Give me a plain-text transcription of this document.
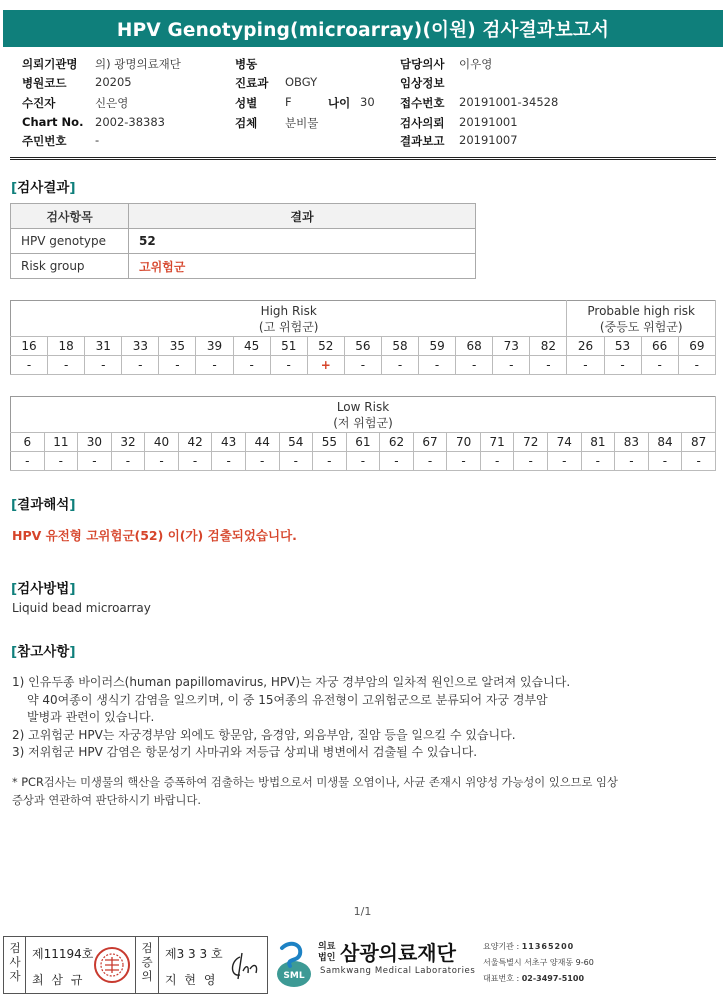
HPV Genotyping(microarray)(이원) 검사결과보고서
의뢰기관명 의) 광명의료재단
병원코드 20205
수진자	신은영
Chart No. 2002-38383
주민번호 -
병동
진료과 OBGY
성별 F	나이 30
검체 분비물
담당의사 이우영
임상정보
접수번호 20191001-34528
검사의뢰 20191001
결과보고 20191007
[검사결과]
검사항목	결과
HPV genotype	52
Risk group	고위험군
High Risk
(고 위험군)															Probable high risk
(중등도 위험군)			
16	18	31	33	35	39	45	51	52	56	58	59	68	73	82	26	53	66	69
-	-	-	-	-	-	-	-	+	-	-	-	-	-	-	-	-	-	-
Low Risk
(저 위험군)																				
6	11	30	32	40	42	43	44	54	55	61	62	67	70	71	72	74	81	83	84	87
-	-	-	-	-	-	-	-	-	-	-	-	-	-	-	-	-	-	-	-	-
[결과해석]
HPV 유전형 고위험군(52) 이(가) 검출되었습니다.
[검사방법]
Liquid bead microarray
[참고사항]
1) 인유두종 바이러스(human papillomavirus, HPV)는 자궁 경부암의 일차적 원인으로 알려져 있습니다.
약 40여종이 생식기 감염을 일으키며, 이 중 15여종의 유전형이 고위험군으로 분류되어 자궁 경부암
발병과 관련이 있습니다.
2) 고위험군 HPV는 자궁경부암 외에도 항문암, 음경암, 외음부암, 질암 등을 일으킬 수 있습니다.
3) 저위험군 HPV 감염은 항문성기 사마귀와 저등급 상피내 병변에서 검출될 수 있습니다.
* PCR검사는 미생물의 핵산을 증폭하여 검출하는 방법으로서 미생물 오염이나, 사균 존재시 위양성 가능성이 있으므로 임상
증상과 연관하여 판단하시기 바랍니다.
1/1
검
사
자
제11194호
최 삼 규
검
증
의
제3 3 3 호
지 현 영	SML
의료
법인 삼광의료재단
Samkwang Medical Laboratories
요양기관 : 11365200
서울특별시 서초구 양재동 9-60
대표번호 : 02-3497-5100
